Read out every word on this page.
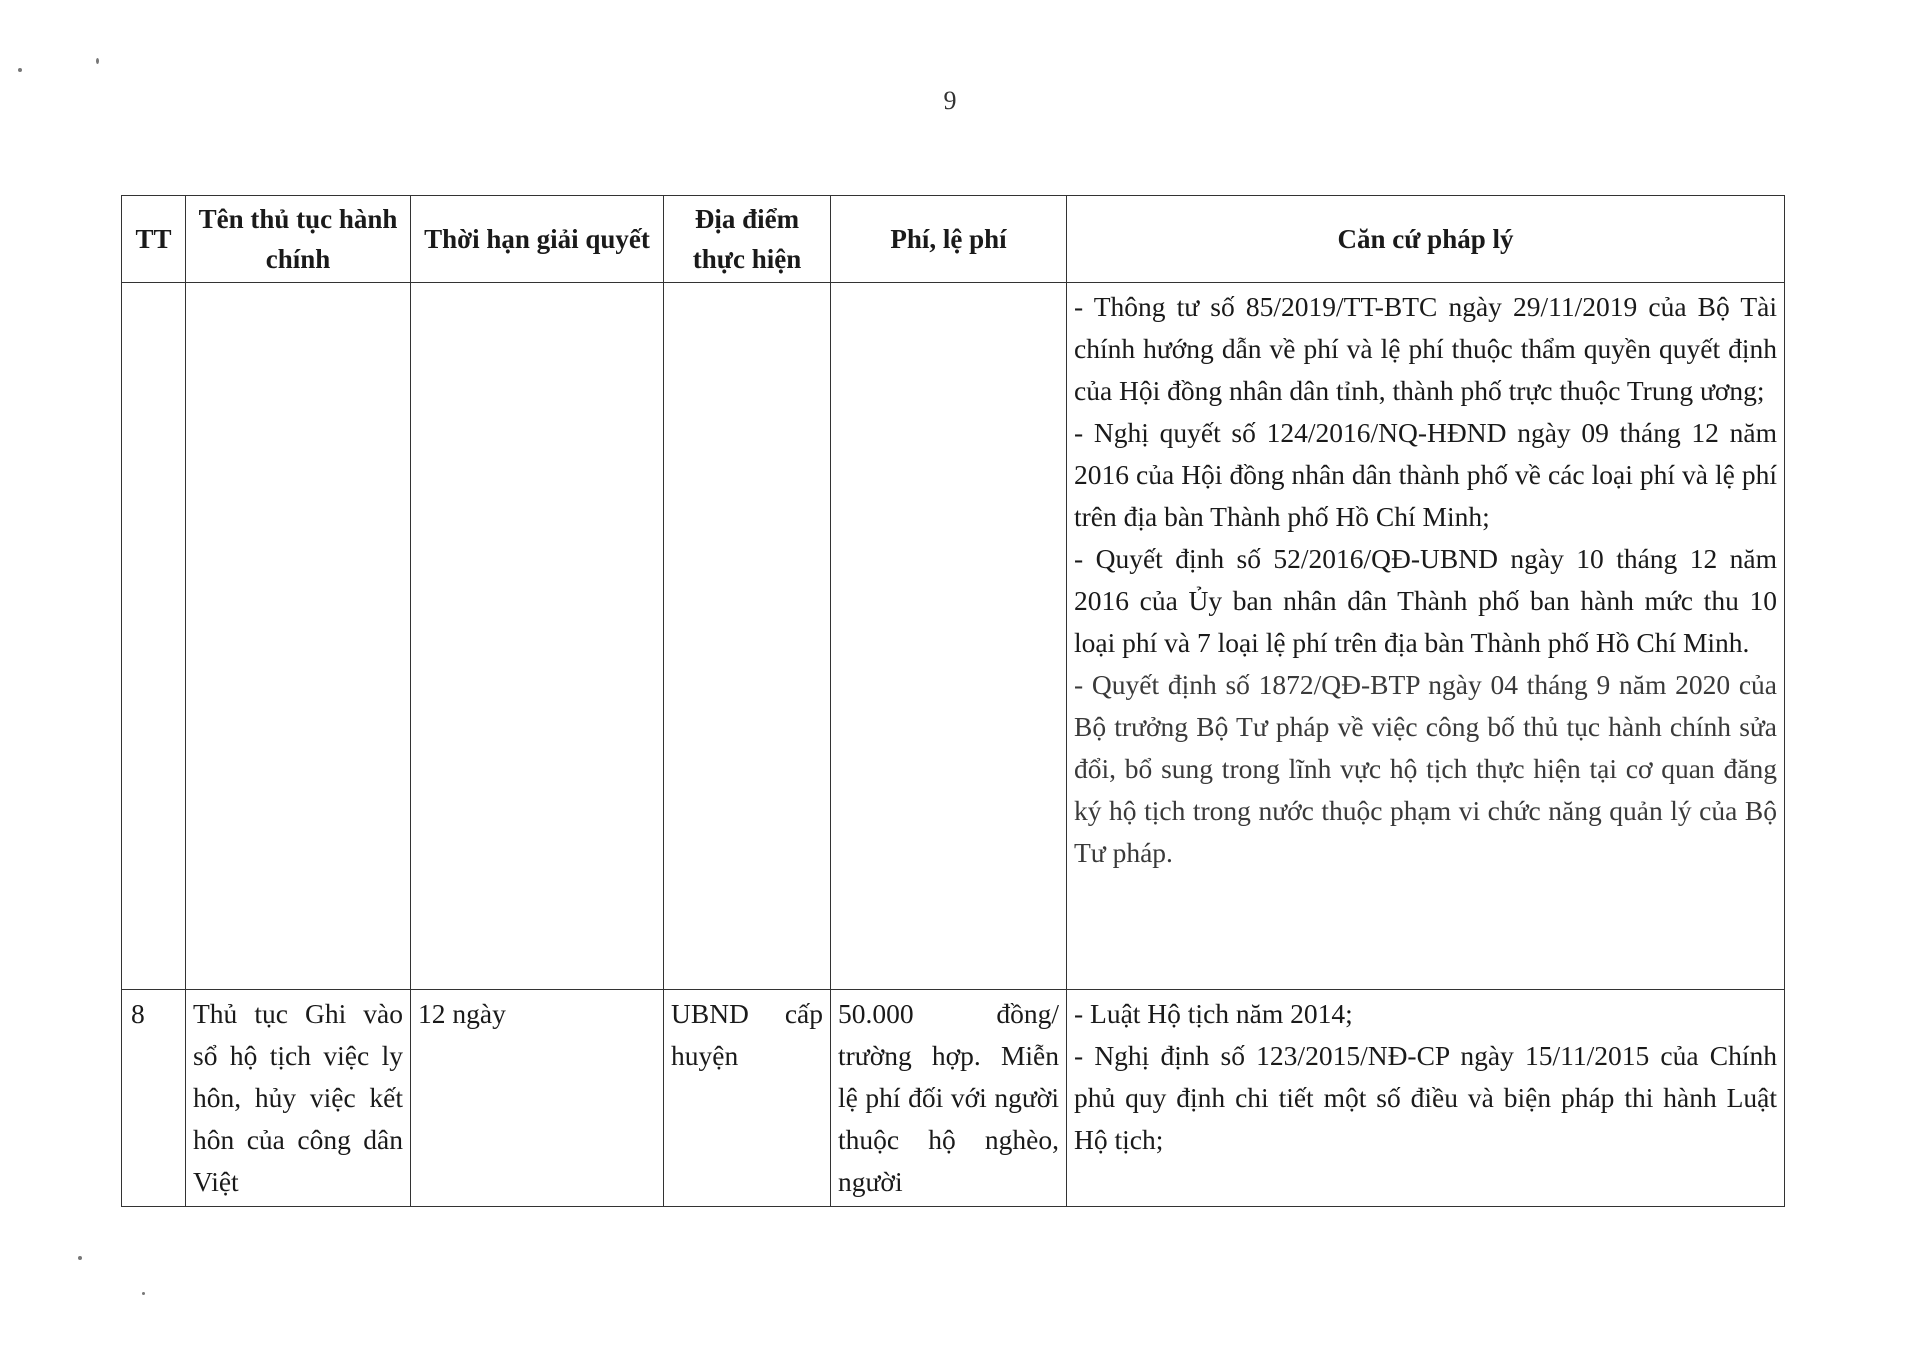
9
TT	Tên thủ tục hành chính	Thời hạn giải quyết	Địa điểm thực hiện	Phí, lệ phí	Căn cứ pháp lý

					- Thông tư số 85/2019/TT-BTC ngày 29/11/2019 của Bộ Tài chính hướng dẫn về phí và lệ phí thuộc thẩm quyền quyết định của Hội đồng nhân dân tỉnh, thành phố trực thuộc Trung ương;
- Nghị quyết số 124/2016/NQ-HĐND ngày 09 tháng 12 năm 2016 của Hội đồng nhân dân thành phố về các loại phí và lệ phí trên địa bàn Thành phố Hồ Chí Minh;
- Quyết định số 52/2016/QĐ-UBND ngày 10 tháng 12 năm 2016 của Ủy ban nhân dân Thành phố ban hành mức thu 10 loại phí và 7 loại lệ phí trên địa bàn Thành phố Hồ Chí Minh.
- Quyết định số 1872/QĐ-BTP ngày 04 tháng 9 năm 2020 của Bộ trưởng Bộ Tư pháp về việc công bố thủ tục hành chính sửa đổi, bổ sung trong lĩnh vực hộ tịch thực hiện tại cơ quan đăng ký hộ tịch trong nước thuộc phạm vi chức năng quản lý của Bộ Tư pháp.

8	Thủ tục Ghi vào sổ hộ tịch việc ly hôn, hủy việc kết hôn của công dân Việt	12 ngày	UBND cấp huyện	50.000 đồng/ trường hợp. Miễn lệ phí đối với người thuộc hộ nghèo, người	- Luật Hộ tịch năm 2014;
- Nghị định số 123/2015/NĐ-CP ngày 15/11/2015 của Chính phủ quy định chi tiết một số điều và biện pháp thi hành Luật Hộ tịch;
